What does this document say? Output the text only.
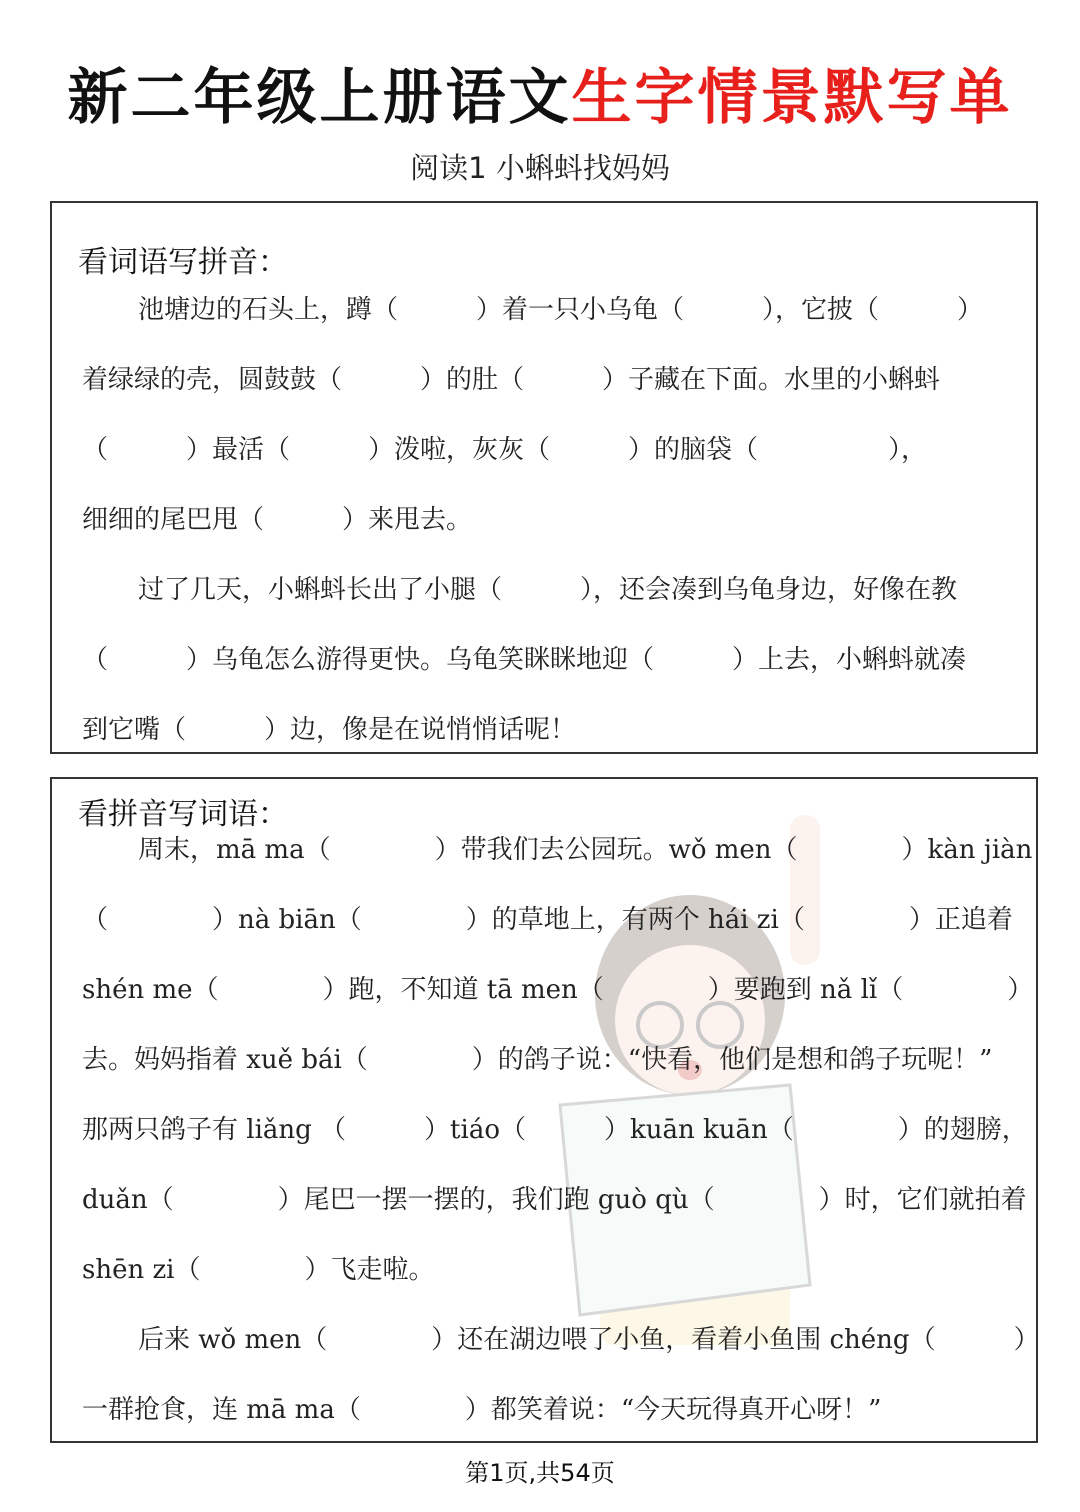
新二年级上册语文生字情景默写单
阅读1 小蝌蚪找妈妈
看词语写拼音：
池塘边的石头上，蹲（　　　）着一只小乌龟（　　　），它披（　　　）
着绿绿的壳，圆鼓鼓（　　　）的肚（　　　）子藏在下面。水里的小蝌蚪
（　　　）最活（　　　）泼啦，灰灰（　　　）的脑袋（　　　　　），
细细的尾巴甩（　　　）来甩去。
过了几天，小蝌蚪长出了小腿（　　　），还会凑到乌龟身边，好像在教
（　　　）乌龟怎么游得更快。乌龟笑眯眯地迎（　　　）上去，小蝌蚪就凑
到它嘴（　　　）边，像是在说悄悄话呢！
看拼音写词语：
周末，mā ma（　　　　）带我们去公园玩。wǒ men（　　　　）kàn jiàn
（　　　　）nà biān（　　　　）的草地上，有两个 hái zi（　　　　）正追着
shén me（　　　　）跑，不知道 tā men（　　　　）要跑到 nǎ lǐ（　　　　）
去。妈妈指着 xuě bái（　　　　）的鸽子说：“快看，他们是想和鸽子玩呢！”
那两只鸽子有 liǎng （　　　）tiáo（　　　）kuān kuān（　　　　）的翅膀，
duǎn（　　　　）尾巴一摆一摆的，我们跑 guò qù（　　　　）时，它们就拍着
shēn zi（　　　　）飞走啦。
后来 wǒ men（　　　　）还在湖边喂了小鱼，看着小鱼围 chéng（　　　）
一群抢食，连 mā ma（　　　　）都笑着说：“今天玩得真开心呀！”
第1页,共54页
